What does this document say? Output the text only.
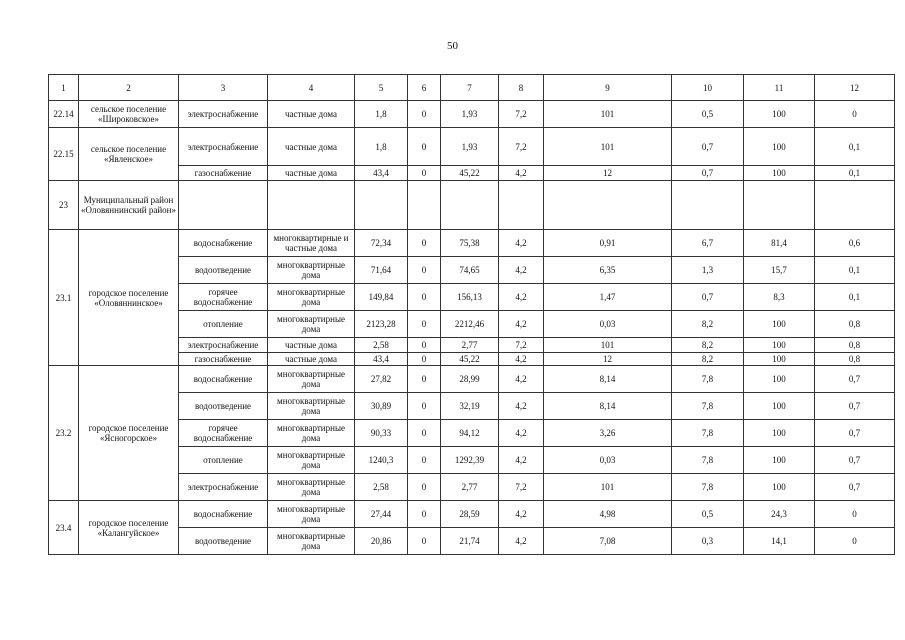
50
1	2	3	4	5	6	7	8	9	10	11	12
22.14	сельское поселение «Широковское»	электроснабжение	частные дома	1,8	0	1,93	7,2	101	0,5	100	0
22.15	сельское поселение «Явленское»	электроснабжение	частные дома	1,8	0	1,93	7,2	101	0,7	100	0,1
		газоснабжение	частные дома	43,4	0	45,22	4,2	12	0,7	100	0,1
23	Муниципальный район «Оловяннинский район»										
23.1	городское поселение «Оловяннинское»	водоснабжение	многоквартирные и частные дома	72,34	0	75,38	4,2	0,91	6,7	81,4	0,6
		водоотведение	многоквартирные дома	71,64	0	74,65	4,2	6,35	1,3	15,7	0,1
		горячее водоснабжение	многоквартирные дома	149,84	0	156,13	4,2	1,47	0,7	8,3	0,1
		отопление	многоквартирные дома	2123,28	0	2212,46	4,2	0,03	8,2	100	0,8
		электроснабжение	частные дома	2,58	0	2,77	7,2	101	8,2	100	0,8
		газоснабжение	частные дома	43,4	0	45,22	4,2	12	8,2	100	0,8
23.2	городское поселение «Ясногорское»	водоснабжение	многоквартирные дома	27,82	0	28,99	4,2	8,14	7,8	100	0,7
		водоотведение	многоквартирные дома	30,89	0	32,19	4,2	8,14	7,8	100	0,7
		горячее водоснабжение	многоквартирные дома	90,33	0	94,12	4,2	3,26	7,8	100	0,7
		отопление	многоквартирные дома	1240,3	0	1292,39	4,2	0,03	7,8	100	0,7
		электроснабжение	многоквартирные дома	2,58	0	2,77	7,2	101	7,8	100	0,7
23.4	городское поселение «Калангуйское»	водоснабжение	многоквартирные дома	27,44	0	28,59	4,2	4,98	0,5	24,3	0
		водоотведение	многоквартирные дома	20,86	0	21,74	4,2	7,08	0,3	14,1	0
